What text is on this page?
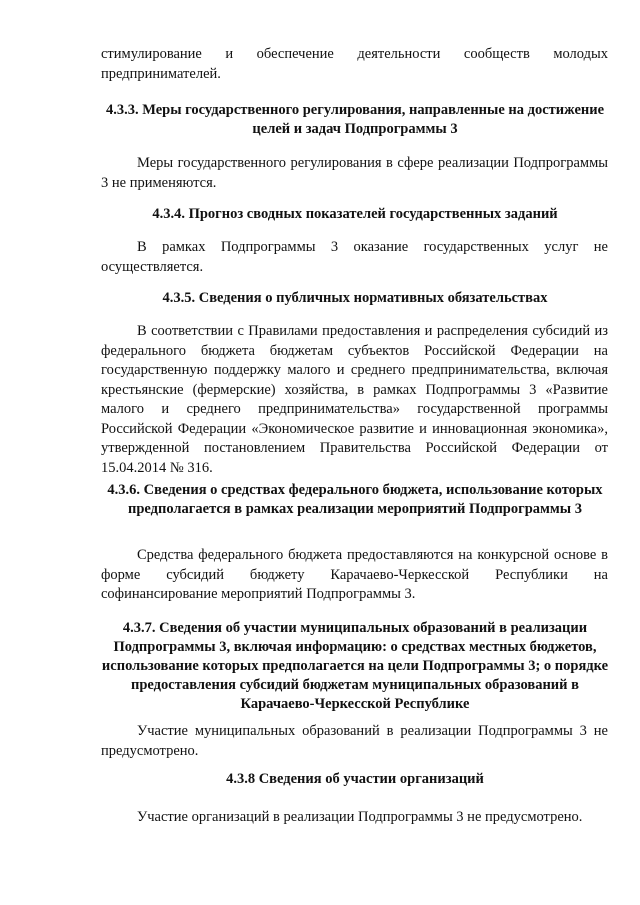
стимулирование и обеспечение деятельности сообществ молодых предпринимателей.

4.3.3. Меры государственного регулирования, направленные на достижение целей и задач Подпрограммы 3

Меры государственного регулирования в сфере реализации Подпрограммы 3 не применяются.

4.3.4. Прогноз сводных показателей государственных заданий

В рамках Подпрограммы 3 оказание государственных услуг не осуществляется.

4.3.5. Сведения о публичных нормативных обязательствах

В соответствии с Правилами предоставления и распределения субсидий из федерального бюджета бюджетам субъектов Российской Федерации на государственную поддержку малого и среднего предпринимательства, включая крестьянские (фермерские) хозяйства, в рамках Подпрограммы 3 «Развитие малого и среднего предпринимательства» государственной программы Российской Федерации «Экономическое развитие и инновационная экономика», утвержденной постановлением Правительства Российской Федерации от 15.04.2014 № 316.

4.3.6. Сведения о средствах федерального бюджета, использование которых предполагается в рамках реализации мероприятий Подпрограммы 3

Средства федерального бюджета предоставляются на конкурсной основе в форме субсидий бюджету Карачаево-Черкесской Республики на софинансирование мероприятий Подпрограммы 3.

4.3.7. Сведения об участии муниципальных образований в реализации Подпрограммы 3, включая информацию: о средствах местных бюджетов, использование которых предполагается на цели Подпрограммы 3; о порядке предоставления субсидий бюджетам муниципальных образований в Карачаево-Черкесской Республике

Участие муниципальных образований в реализации Подпрограммы 3 не предусмотрено.

4.3.8 Сведения об участии организаций

Участие организаций в реализации Подпрограммы 3 не предусмотрено.
